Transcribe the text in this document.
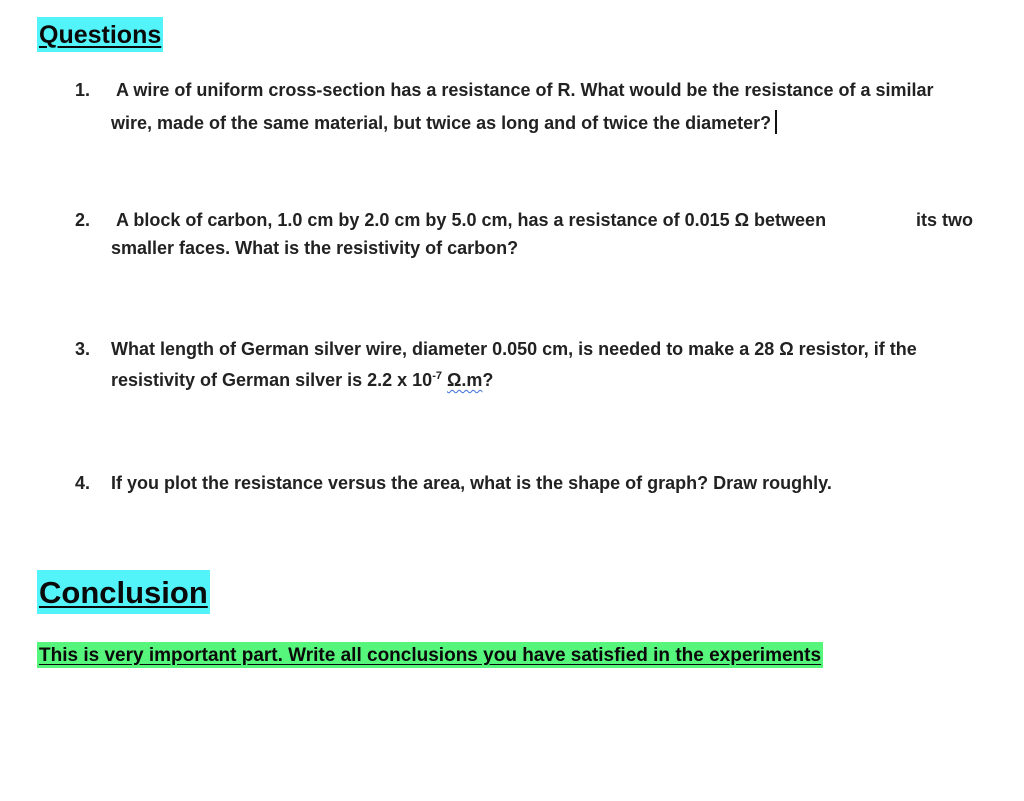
Questions
1. A wire of uniform cross-section has a resistance of R. What would be the resistance of a similar
wire, made of the same material, but twice as long and of twice the diameter?
2. A block of carbon, 1.0 cm by 2.0 cm by 5.0 cm, has a resistance of 0.015 Ω between	its two
smaller faces. What is the resistivity of carbon?
3. What length of German silver wire, diameter 0.050 cm, is needed to make a 28 Ω resistor, if the
resistivity of German silver is 2.2 x $10^{-7}$ Ω.m?
4. If you plot the resistance versus the area, what is the shape of graph? Draw roughly.
Conclusion
This is very important part. Write all conclusions you have satisfied in the experiments
